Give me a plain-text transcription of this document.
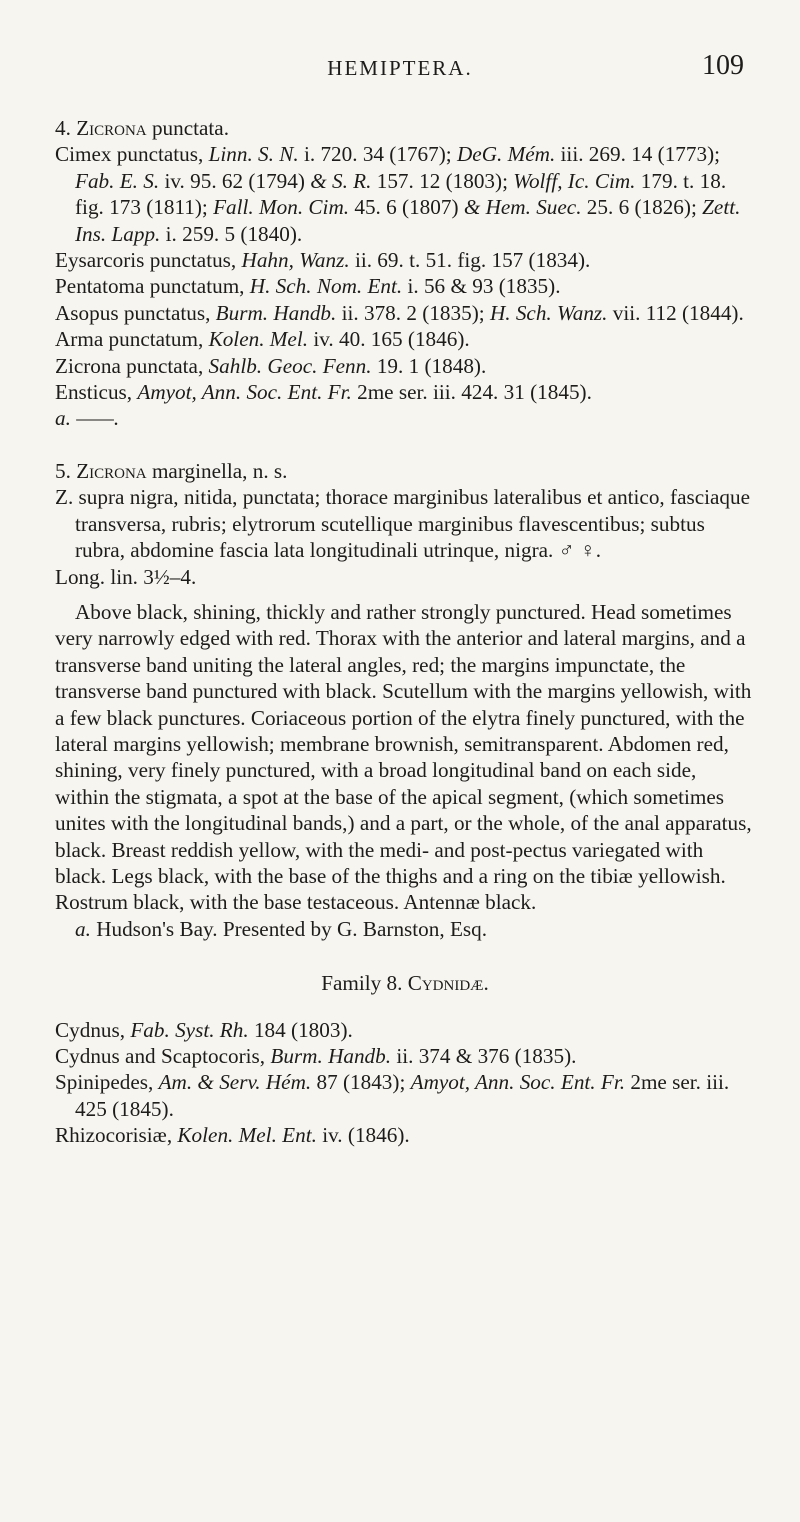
HEMIPTERA.	109

4. Zicrona punctata.

Cimex punctatus, Linn. S. N. i. 720. 34 (1767); DeG. Mém. iii. 269. 14 (1773); Fab. E. S. iv. 95. 62 (1794) & S. R. 157. 12 (1803); Wolff, Ic. Cim. 179. t. 18. fig. 173 (1811); Fall. Mon. Cim. 45. 6 (1807) & Hem. Suec. 25. 6 (1826); Zett. Ins. Lapp. i. 259. 5 (1840).

Eysarcoris punctatus, Hahn, Wanz. ii. 69. t. 51. fig. 157 (1834).

Pentatoma punctatum, H. Sch. Nom. Ent. i. 56 & 93 (1835).

Asopus punctatus, Burm. Handb. ii. 378. 2 (1835); H. Sch. Wanz. vii. 112 (1844).

Arma punctatum, Kolen. Mel. iv. 40. 165 (1846).

Zicrona punctata, Sahlb. Geoc. Fenn. 19. 1 (1848).

Ensticus, Amyot, Ann. Soc. Ent. Fr. 2me ser. iii. 424. 31 (1845).

a. ——.

5. Zicrona marginella, n. s.

Z. supra nigra, nitida, punctata; thorace marginibus lateralibus et antico, fasciaque transversa, rubris; elytrorum scutellique marginibus flavescentibus; subtus rubra, abdomine fascia lata longitudinali utrinque, nigra. ♂ ♀.

Long. lin. 3½–4.

Above black, shining, thickly and rather strongly punctured. Head sometimes very narrowly edged with red. Thorax with the anterior and lateral margins, and a transverse band uniting the lateral angles, red; the margins impunctate, the transverse band punctured with black. Scutellum with the margins yellowish, with a few black punctures. Coriaceous portion of the elytra finely punctured, with the lateral margins yellowish; membrane brownish, semitransparent. Abdomen red, shining, very finely punctured, with a broad longitudinal band on each side, within the stigmata, a spot at the base of the apical segment, (which sometimes unites with the longitudinal bands,) and a part, or the whole, of the anal apparatus, black. Breast reddish yellow, with the medi- and post-pectus variegated with black. Legs black, with the base of the thighs and a ring on the tibiæ yellowish. Rostrum black, with the base testaceous. Antennæ black.

a. Hudson's Bay. Presented by G. Barnston, Esq.

Family 8. Cydnidæ.

Cydnus, Fab. Syst. Rh. 184 (1803).

Cydnus and Scaptocoris, Burm. Handb. ii. 374 & 376 (1835).

Spinipedes, Am. & Serv. Hém. 87 (1843); Amyot, Ann. Soc. Ent. Fr. 2me ser. iii. 425 (1845).

Rhizocorisiæ, Kolen. Mel. Ent. iv. (1846).
